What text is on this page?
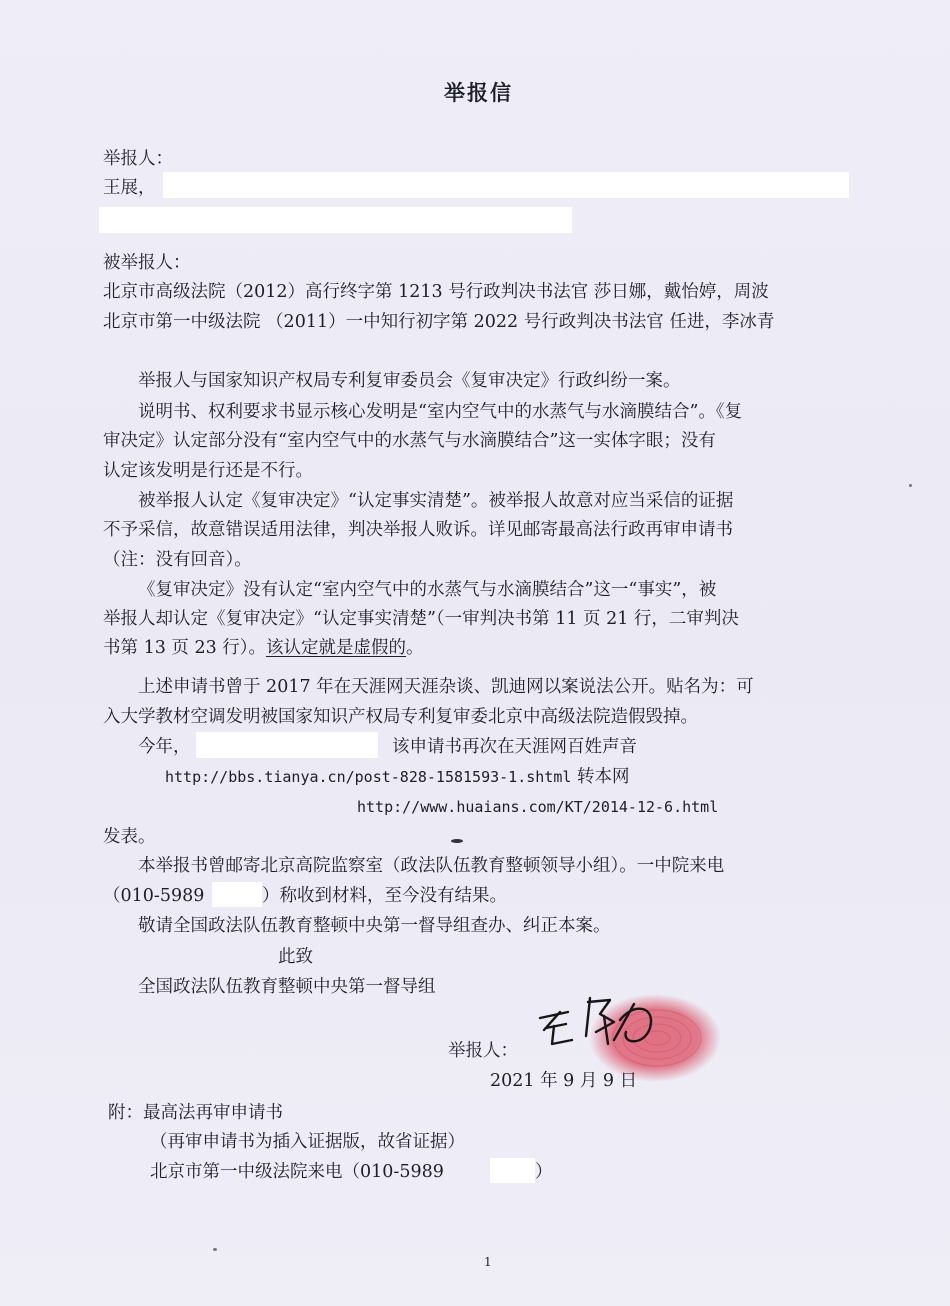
举报信
举报人：
王展，
被举报人：
北京市高级法院（2012）高行终字第 1213 号行政判决书法官 莎日娜，戴怡婷，周波
北京市第一中级法院 （2011）一中知行初字第 2022 号行政判决书法官 任进，李冰青
举报人与国家知识产权局专利复审委员会《复审决定》行政纠纷一案。
说明书、权利要求书显示核心发明是“室内空气中的水蒸气与水滴膜结合”。《复
审决定》认定部分没有“室内空气中的水蒸气与水滴膜结合”这一实体字眼；没有
认定该发明是行还是不行。
被举报人认定《复审决定》“认定事实清楚”。被举报人故意对应当采信的证据
不予采信，故意错误适用法律，判决举报人败诉。详见邮寄最高法行政再审申请书
（注：没有回音）。
《复审决定》没有认定“室内空气中的水蒸气与水滴膜结合”这一“事实”，被
举报人却认定《复审决定》“认定事实清楚”（一审判决书第 11 页 21 行，二审判决
书第 13 页 23 行）。该认定就是虚假的。
上述申请书曾于 2017 年在天涯网天涯杂谈、凯迪网以案说法公开。贴名为：可
入大学教材空调发明被国家知识产权局专利复审委北京中高级法院造假毁掉。
今年，	该申请书再次在天涯网百姓声音
http://bbs.tianya.cn/post-828-1581593-1.shtml 转本网
http://www.huaians.com/KT/2014-12-6.html
发表。
本举报书曾邮寄北京高院监察室（政法队伍教育整顿领导小组）。一中院来电
（010-5989	）称收到材料，至今没有结果。
敬请全国政法队伍教育整顿中央第一督导组查办、纠正本案。
此致
全国政法队伍教育整顿中央第一督导组
举报人：
2021 年 9 月 9 日
附：最高法再审申请书
（再审申请书为插入证据版，故省证据）
北京市第一中级法院来电（010-5989	）
1
